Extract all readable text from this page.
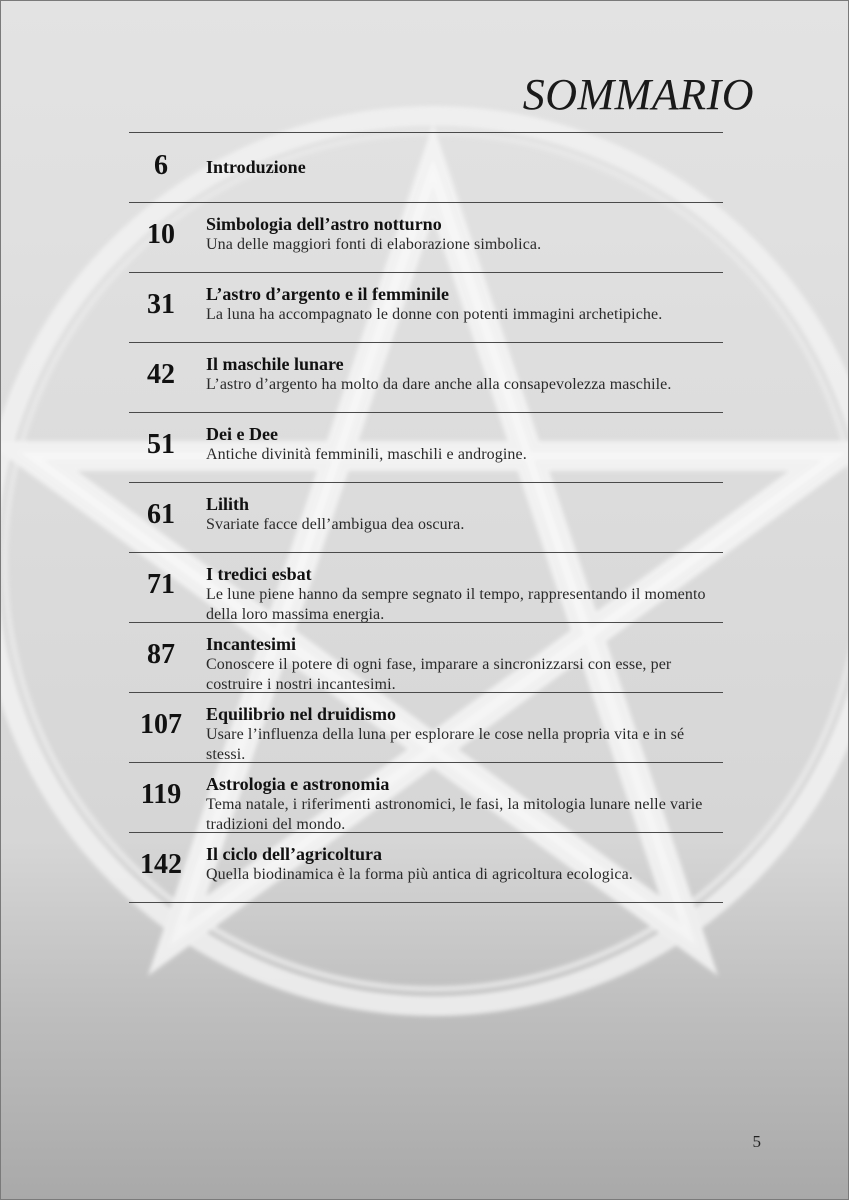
SOMMARIO
6	Introduzione
10	Simbologia dell’astro notturno
Una delle maggiori fonti di elaborazione simbolica.
31	L’astro d’argento e il femminile
La luna ha accompagnato le donne con potenti immagini archetipiche.
42	Il maschile lunare
L’astro d’argento ha molto da dare anche alla consapevolezza maschile.
51	Dei e Dee
Antiche divinità femminili, maschili e androgine.
61	Lilith
Svariate facce dell’ambigua dea oscura.
71	I tredici esbat
Le lune piene hanno da sempre segnato il tempo, rappresentando il momento della loro massima energia.
87	Incantesimi
Conoscere il potere di ogni fase, imparare a sincronizzarsi con esse, per costruire i nostri incantesimi.
107	Equilibrio nel druidismo
Usare l’influenza della luna per esplorare le cose nella propria vita e in sé stessi.
119	Astrologia e astronomia
Tema natale, i riferimenti astronomici, le fasi, la mitologia lunare nelle varie tradizioni del mondo.
142	Il ciclo dell’agricoltura
Quella biodinamica è la forma più antica di agricoltura ecologica.
5
